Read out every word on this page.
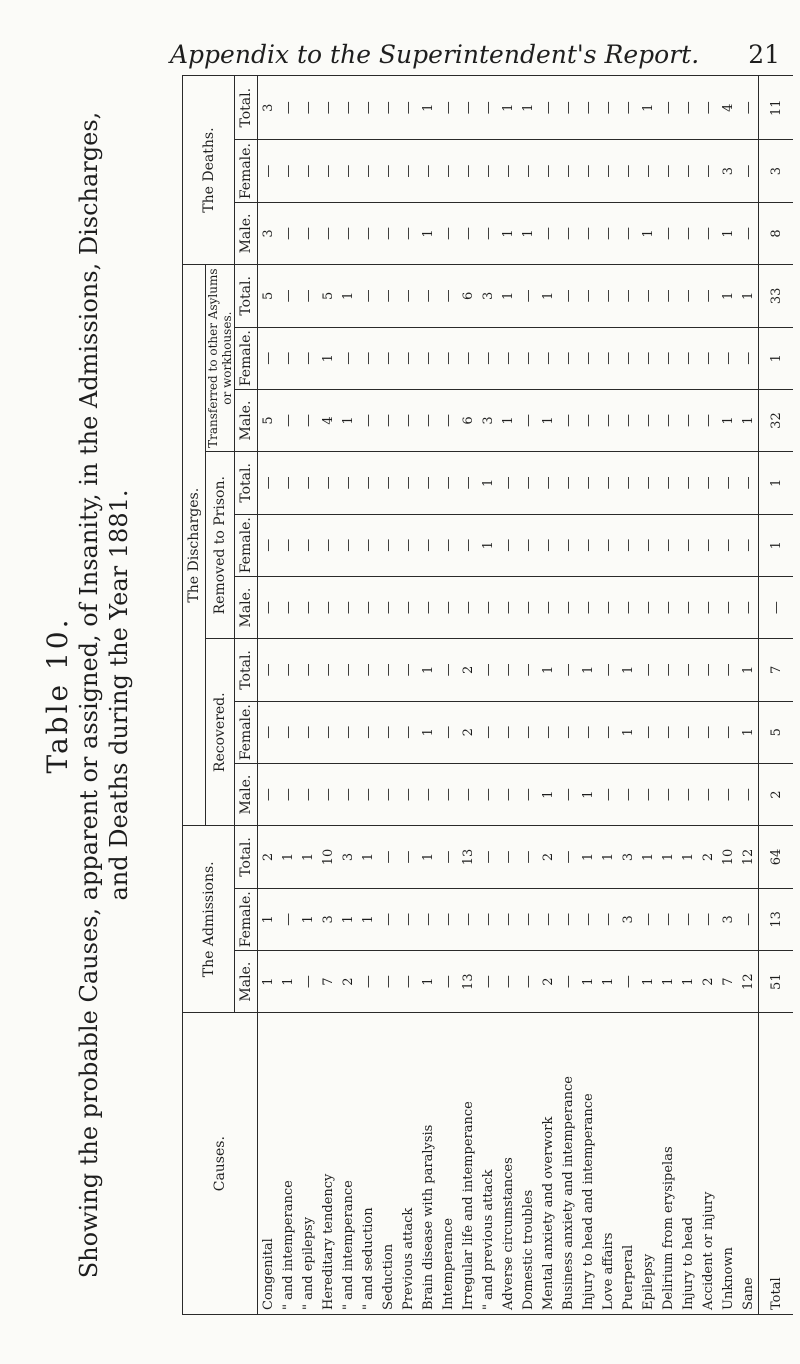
Appendix to the Superintendent's Report. 21
Table 10. Showing the probable Causes, apparent or assigned, of Insanity, in the Admissions, Discharges, and Deaths during the Year 1881.
Causes.	The Admissions.			The Discharges.									The Deaths.		
				Recovered.			Removed to Prison.			Transferred to other Asylums or workhouses.					
	Male.	Female.	Total.	Male.	Female.	Total.	Male.	Female.	Total.	Male.	Female.	Total.	Male.	Female.	Total.
Congenital	1	1	2	—	—	—	—	—	—	5	—	5	3	—	3
" and intemperance	1	—	1	—	—	—	—	—	—	—	—	—	—	—	—
" and epilepsy	—	1	1	—	—	—	—	—	—	—	—	—	—	—	—
Hereditary tendency	7	3	10	—	—	—	—	—	—	4	1	5	—	—	—
" and intemperance	2	1	3	—	—	—	—	—	—	1	—	1	—	—	—
" and seduction	—	1	1	—	—	—	—	—	—	—	—	—	—	—	—
Seduction	—	—	—	—	—	—	—	—	—	—	—	—	—	—	—
Previous attack	—	—	—	—	—	—	—	—	—	—	—	—	—	—	—
Brain disease with paralysis	1	—	1	—	1	1	—	—	—	—	—	—	1	—	1
Intemperance	—	—	—	—	—	—	—	—	—	—	—	—	—	—	—
Irregular life and intemperance	13	—	13	—	2	2	—	—	—	6	—	6	—	—	—
" and previous attack	—	—	—	—	—	—	—	1	1	3	—	3	—	—	—
Adverse circumstances	—	—	—	—	—	—	—	—	—	1	—	1	1	—	1
Domestic troubles	—	—	—	—	—	—	—	—	—	—	—	—	1	—	1
Mental anxiety and overwork	2	—	2	1	—	1	—	—	—	1	—	1	—	—	—
Business anxiety and intemperance	—	—	—	—	—	—	—	—	—	—	—	—	—	—	—
Injury to head and intemperance	1	—	1	1	—	1	—	—	—	—	—	—	—	—	—
Love affairs	1	—	1	—	—	—	—	—	—	—	—	—	—	—	—
Puerperal	—	3	3	—	1	1	—	—	—	—	—	—	—	—	—
Epilepsy	1	—	1	—	—	—	—	—	—	—	—	—	1	—	1
Delirium from erysipelas	1	—	1	—	—	—	—	—	—	—	—	—	—	—	—
Injury to head	1	—	1	—	—	—	—	—	—	—	—	—	—	—	—
Accident or injury	2	—	2	—	—	—	—	—	—	—	—	—	—	—	—
Unknown	7	3	10	—	—	—	—	—	—	1	—	1	1	3	4
Sane	12	—	12	—	1	1	—	—	—	1	—	1	—	—	—
Total	51	13	64	2	5	7	—	1	1	32	1	33	8	3	11
